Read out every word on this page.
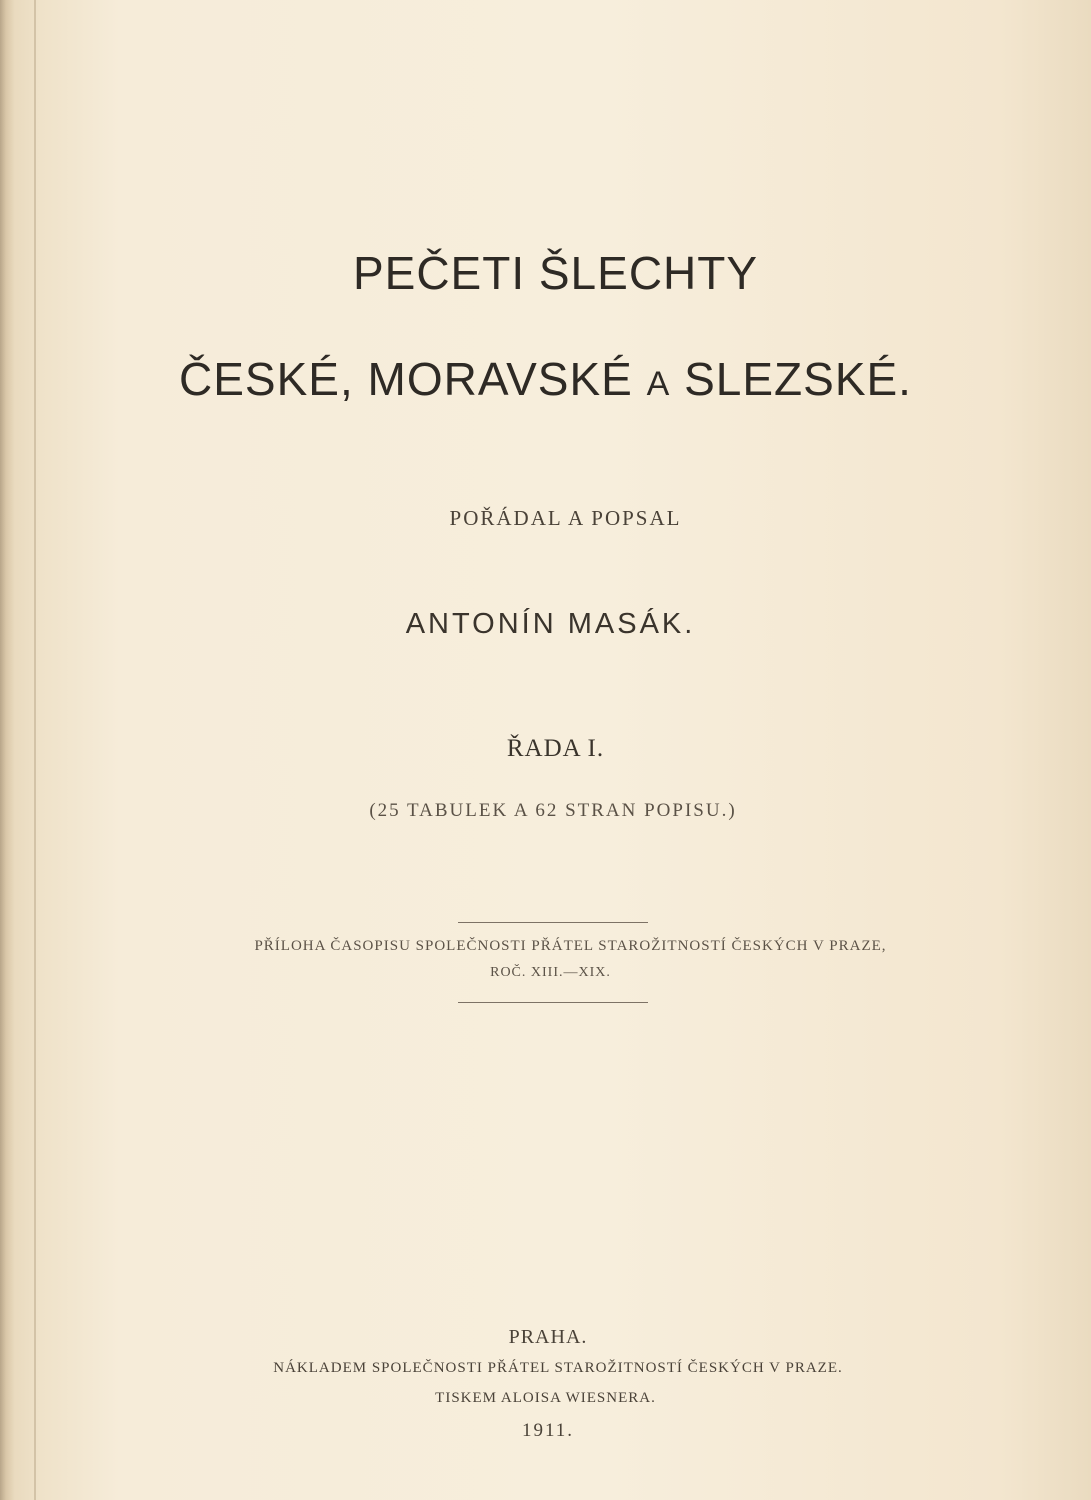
PEČETI ŠLECHTY
ČESKÉ, MORAVSKÉ A SLEZSKÉ.
POŘÁDAL A POPSAL
ANTONÍN MASÁK.
ŘADA I.
(25 TABULEK A 62 STRAN POPISU.)
PŘÍLOHA ČASOPISU SPOLEČNOSTI PŘÁTEL STAROŽITNOSTÍ ČESKÝCH V PRAZE,
ROČ. XIII.—XIX.
PRAHA.
NÁKLADEM SPOLEČNOSTI PŘÁTEL STAROŽITNOSTÍ ČESKÝCH V PRAZE.
TISKEM ALOISA WIESNERA.
1911.
